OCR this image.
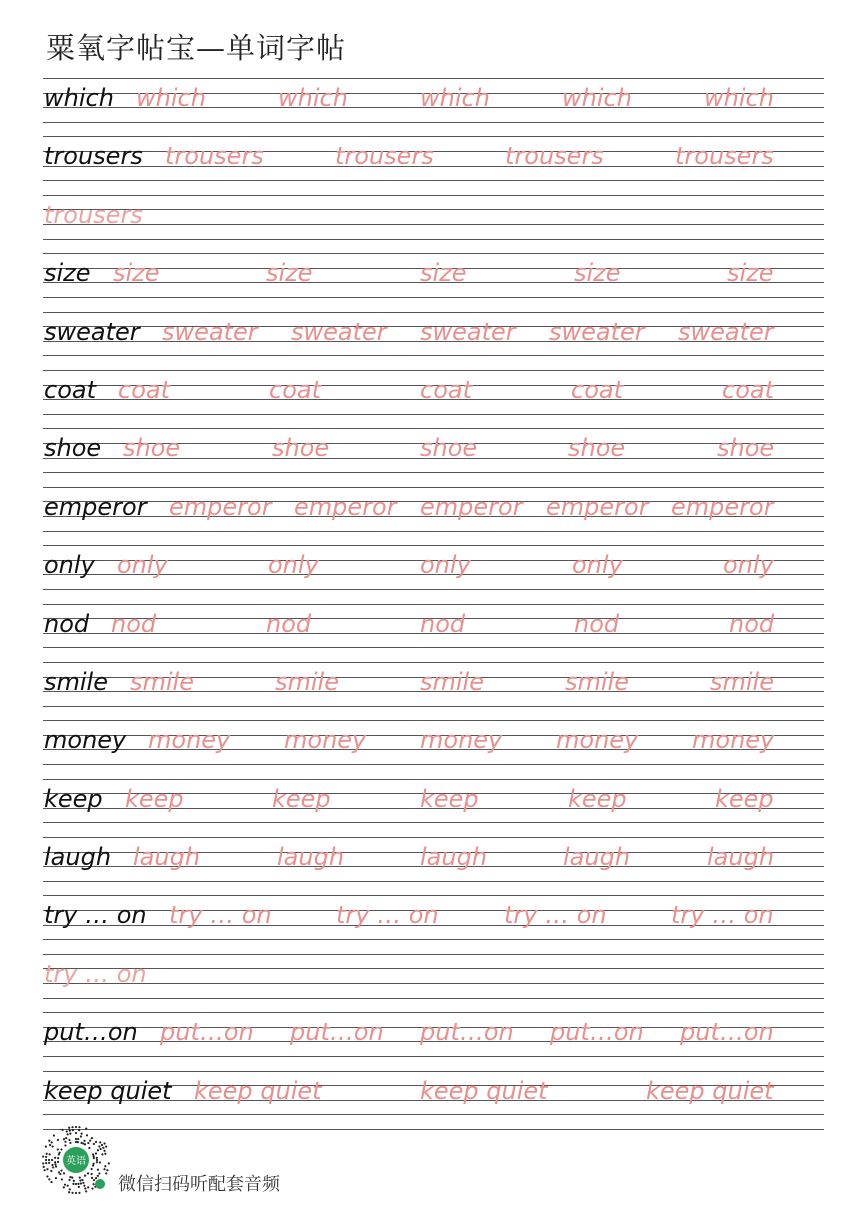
粟氧字帖宝—单词字帖
which which	which	which	which	which
trousers trousers	trousers	trousers	trousers
trousers
size size	size	size	size	size
sweater sweater sweater sweater sweater sweater
coat coat	coat	coat	coat	coat
shoe shoe	shoe	shoe	shoe	shoe
emperor emperor emperor emperor emperor emperor
only only	only	only	only	only
nod nod	nod	nod	nod	nod
smile smile	smile	smile	smile	smile
money money money money money money
keep keep	keep	keep	keep	keep
laugh laugh	laugh	laugh	laugh	laugh
try … on try … on	try … on	try … on	try … on
try … on
put…on put…on put…on put…on put…on put…on
keep quiet keep quiet	keep quiet	keep quiet
英语
微信扫码听配套音频
